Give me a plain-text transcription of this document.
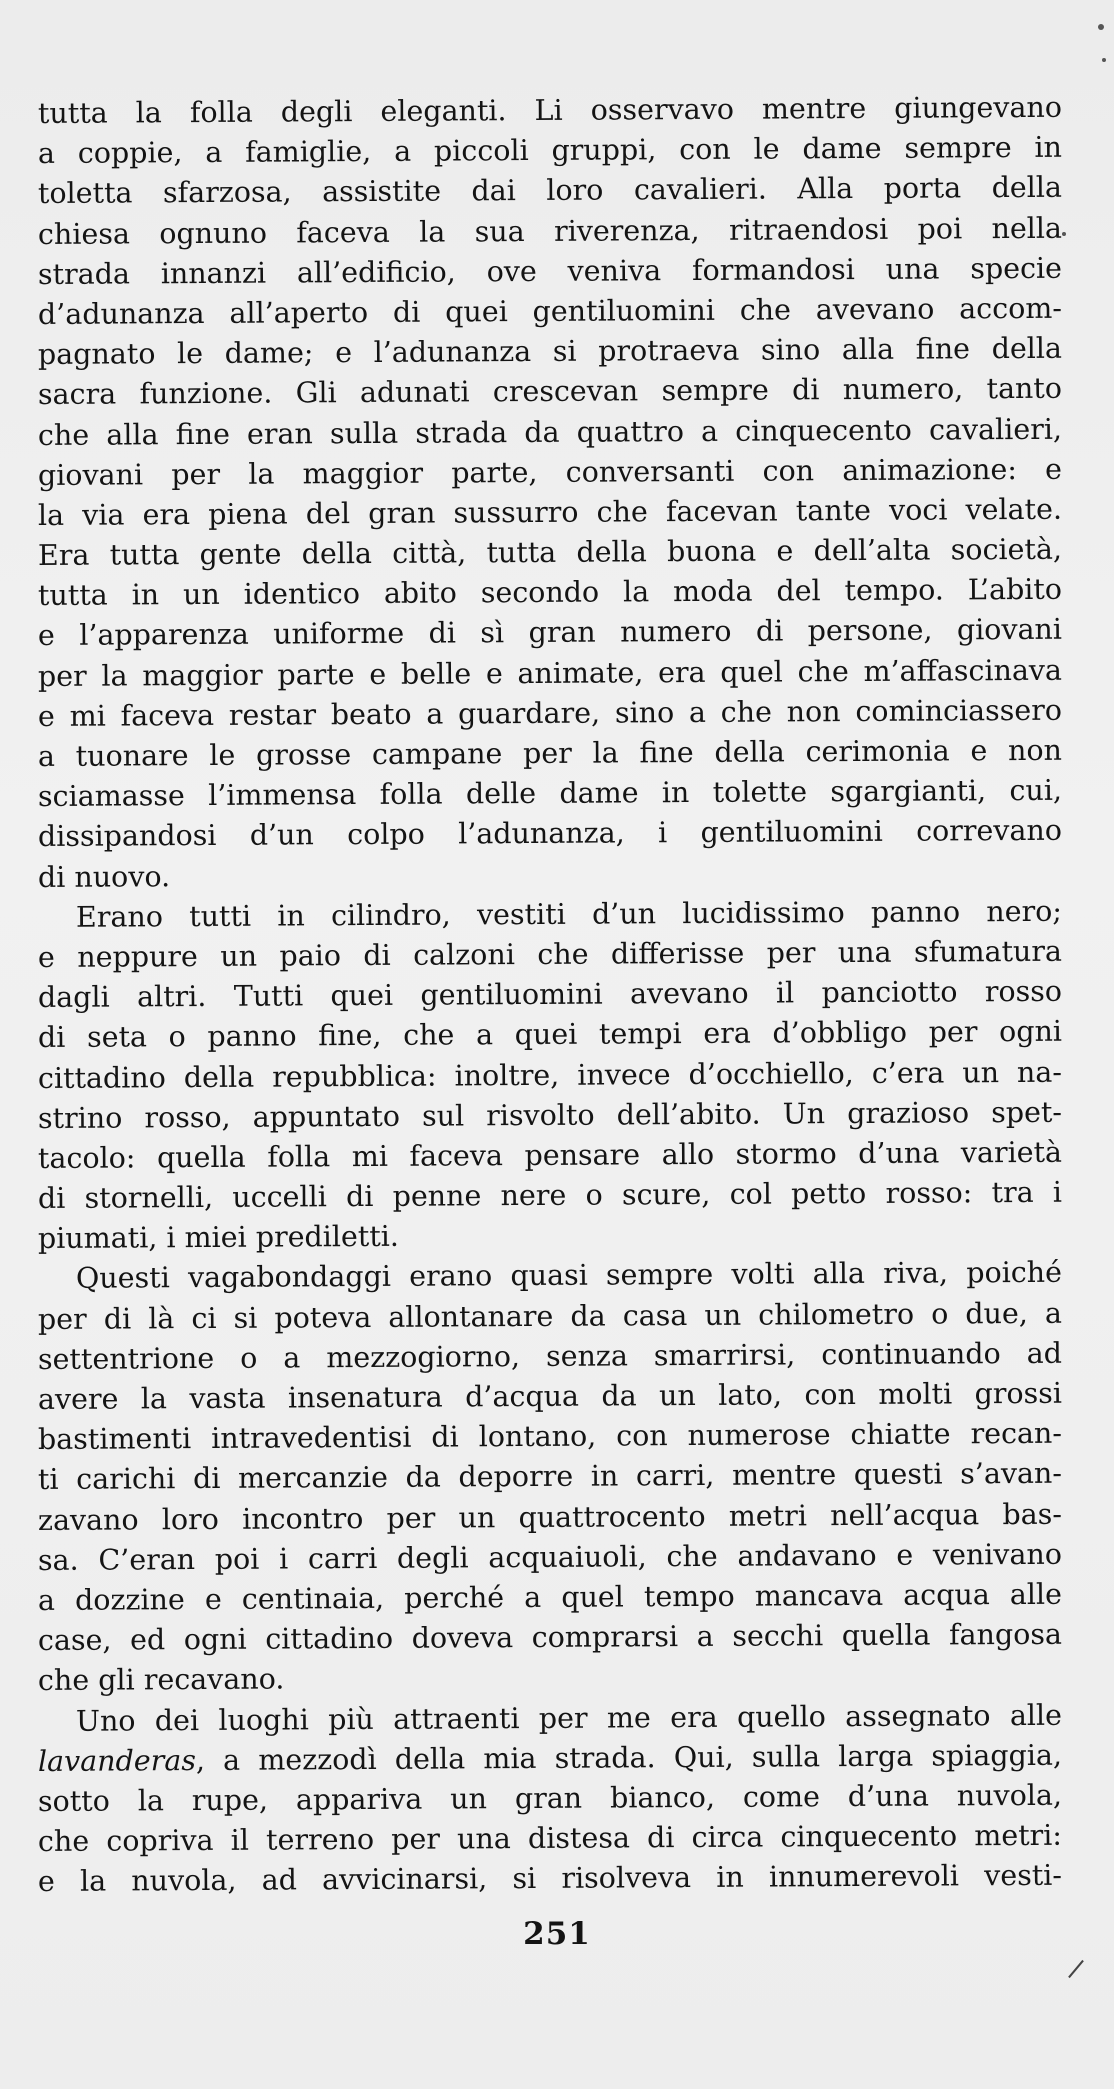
tutta la folla degli eleganti. Li osservavo mentre giungevano
a coppie, a famiglie, a piccoli gruppi, con le dame sempre in
toletta sfarzosa, assistite dai loro cavalieri. Alla porta della
chiesa ognuno faceva la sua riverenza, ritraendosi poi nella
strada innanzi all’edificio, ove veniva formandosi una specie
d’adunanza all’aperto di quei gentiluomini che avevano accom-
pagnato le dame; e l’adunanza si protraeva sino alla fine della
sacra funzione. Gli adunati crescevan sempre di numero, tanto
che alla fine eran sulla strada da quattro a cinquecento cavalieri,
giovani per la maggior parte, conversanti con animazione: e
la via era piena del gran sussurro che facevan tante voci velate.
Era tutta gente della città, tutta della buona e dell’alta società,
tutta in un identico abito secondo la moda del tempo. L’abito
e l’apparenza uniforme di sì gran numero di persone, giovani
per la maggior parte e belle e animate, era quel che m’affascinava
e mi faceva restar beato a guardare, sino a che non cominciassero
a tuonare le grosse campane per la fine della cerimonia e non
sciamasse l’immensa folla delle dame in tolette sgargianti, cui,
dissipandosi d’un colpo l’adunanza, i gentiluomini correvano
di nuovo.
Erano tutti in cilindro, vestiti d’un lucidissimo panno nero;
e neppure un paio di calzoni che differisse per una sfumatura
dagli altri. Tutti quei gentiluomini avevano il panciotto rosso
di seta o panno fine, che a quei tempi era d’obbligo per ogni
cittadino della repubblica: inoltre, invece d’occhiello, c’era un na-
strino rosso, appuntato sul risvolto dell’abito. Un grazioso spet-
tacolo: quella folla mi faceva pensare allo stormo d’una varietà
di stornelli, uccelli di penne nere o scure, col petto rosso: tra i
piumati, i miei prediletti.
Questi vagabondaggi erano quasi sempre volti alla riva, poiché
per di là ci si poteva allontanare da casa un chilometro o due, a
settentrione o a mezzogiorno, senza smarrirsi, continuando ad
avere la vasta insenatura d’acqua da un lato, con molti grossi
bastimenti intravedentisi di lontano, con numerose chiatte recan-
ti carichi di mercanzie da deporre in carri, mentre questi s’avan-
zavano loro incontro per un quattrocento metri nell’acqua bas-
sa. C’eran poi i carri degli acquaiuoli, che andavano e venivano
a dozzine e centinaia, perché a quel tempo mancava acqua alle
case, ed ogni cittadino doveva comprarsi a secchi quella fangosa
che gli recavano.
Uno dei luoghi più attraenti per me era quello assegnato alle
lavanderas, a mezzodì della mia strada. Qui, sulla larga spiaggia,
sotto la rupe, appariva un gran bianco, come d’una nuvola,
che copriva il terreno per una distesa di circa cinquecento metri:
e la nuvola, ad avvicinarsi, si risolveva in innumerevoli vesti-
251
